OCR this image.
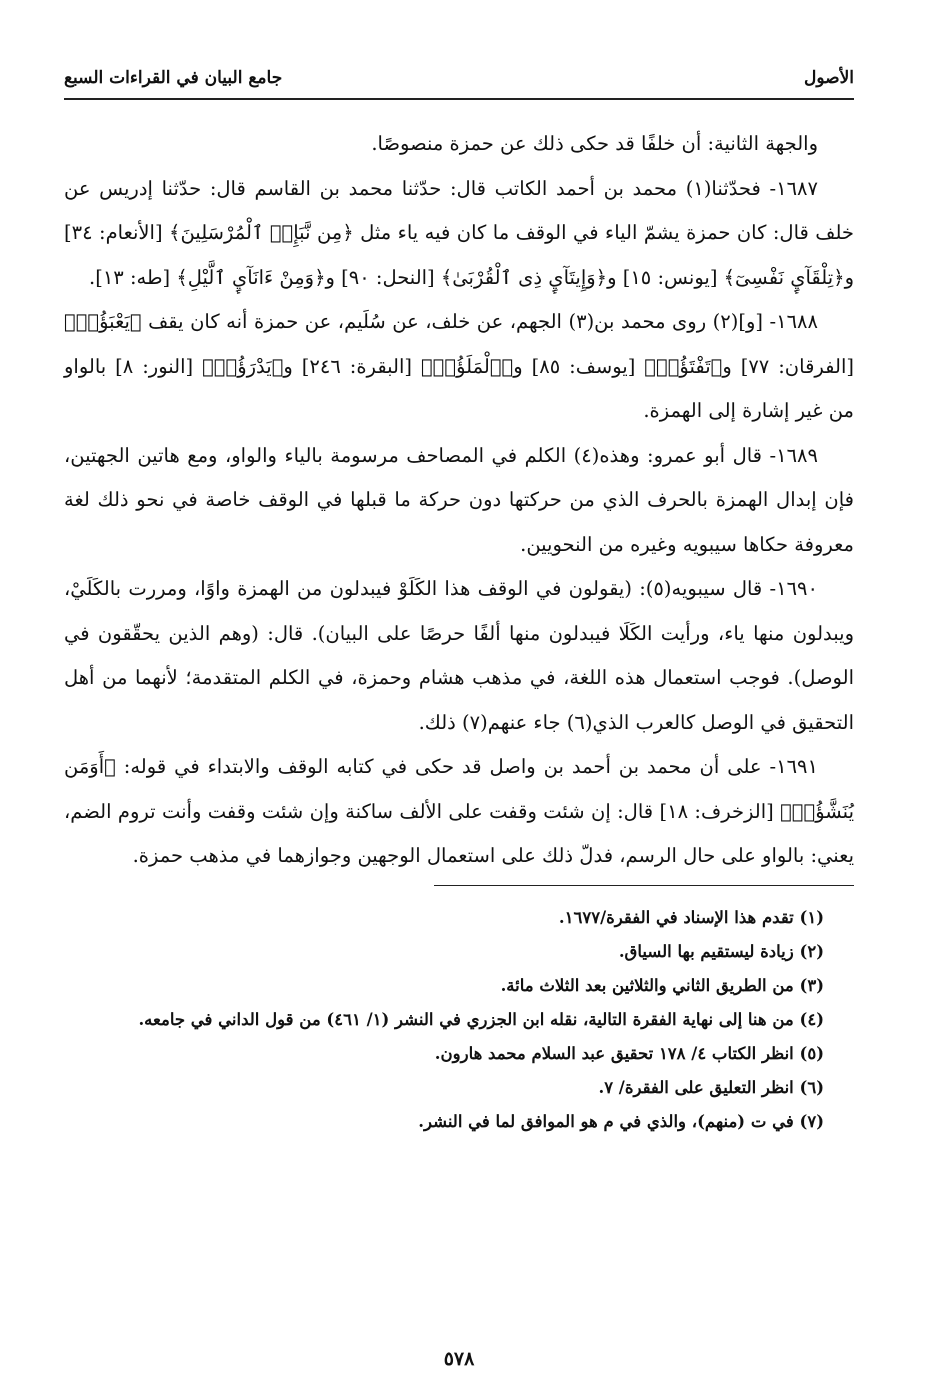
الأصول
جامع البيان في القراءات السبع

والجهة الثانية: أن خلفًا قد حكى ذلك عن حمزة منصوصًا.

١٦٨٧- فحدّثنا(١) محمد بن أحمد الكاتب قال: حدّثنا محمد بن القاسم قال: حدّثنا إدريس عن خلف قال: كان حمزة يشمّ الياء في الوقف ما كان فيه ياء مثل ﴿مِن نَّبَإِي۟ ٱلْمُرْسَلِينَ﴾ [الأنعام: ٣٤] و﴿تِلْقَآيِٕ نَفْسِىٓ﴾ [يونس: ١٥] و﴿وَإِيتَآيِٕ ذِى ٱلْقُرْبَىٰ﴾ [النحل: ٩٠] و﴿وَمِنْ ءَانَآيِٕ ٱلَّيْلِ﴾ [طه: ١٣].

١٦٨٨- [و](٢) روى محمد بن(٣) الجهم، عن خلف، عن سُلَيم، عن حمزة أنه كان يقف ﴿يَعْبَؤُا۟﴾ [الفرقان: ٧٧] و﴿تَفْتَؤُا۟﴾ [يوسف: ٨٥] و﴿ٱلْمَلَؤُا۟﴾ [البقرة: ٢٤٦] و﴿يَدْرَؤُا۟﴾ [النور: ٨] بالواو من غير إشارة إلى الهمزة.

١٦٨٩- قال أبو عمرو: وهذه(٤) الكلم في المصاحف مرسومة بالياء والواو، ومع هاتين الجهتين، فإن إبدال الهمزة بالحرف الذي من حركتها دون حركة ما قبلها في الوقف خاصة في نحو ذلك لغة معروفة حكاها سيبويه وغيره من النحويين.

١٦٩٠- قال سيبويه(٥): (يقولون في الوقف هذا الكَلَوْ فيبدلون من الهمزة واوًا، ومررت بالكَلَيْ، ويبدلون منها ياء، ورأيت الكَلَا فيبدلون منها ألفًا حرصًا على البيان). قال: (وهم الذين يحقّقون في الوصل). فوجب استعمال هذه اللغة، في مذهب هشام وحمزة، في الكلم المتقدمة؛ لأنهما من أهل التحقيق في الوصل كالعرب الذي(٦) جاء عنهم(٧) ذلك.

١٦٩١- على أن محمد بن أحمد بن واصل قد حكى في كتابه الوقف والابتداء في قوله: ﴿أَوَمَن يُنَشَّؤُا۟﴾ [الزخرف: ١٨] قال: إن شئت وقفت على الألف ساكنة وإن شئت وقفت وأنت تروم الضم، يعني: بالواو على حال الرسم، فدلّ ذلك على استعمال الوجهين وجوازهما في مذهب حمزة.

(١) تقدم هذا الإسناد في الفقرة/١٦٧٧.

(٢) زيادة ليستقيم بها السياق.

(٣) من الطريق الثاني والثلاثين بعد الثلاث مائة.

(٤) من هنا إلى نهاية الفقرة التالية، نقله ابن الجزري في النشر (١/ ٤٦١) من قول الداني في جامعه.

(٥) انظر الكتاب ٤/ ١٧٨ تحقيق عبد السلام محمد هارون.

(٦) انظر التعليق على الفقرة/ ٧.

(٧) في ت (منهم)، والذي في م هو الموافق لما في النشر.

٥٧٨
